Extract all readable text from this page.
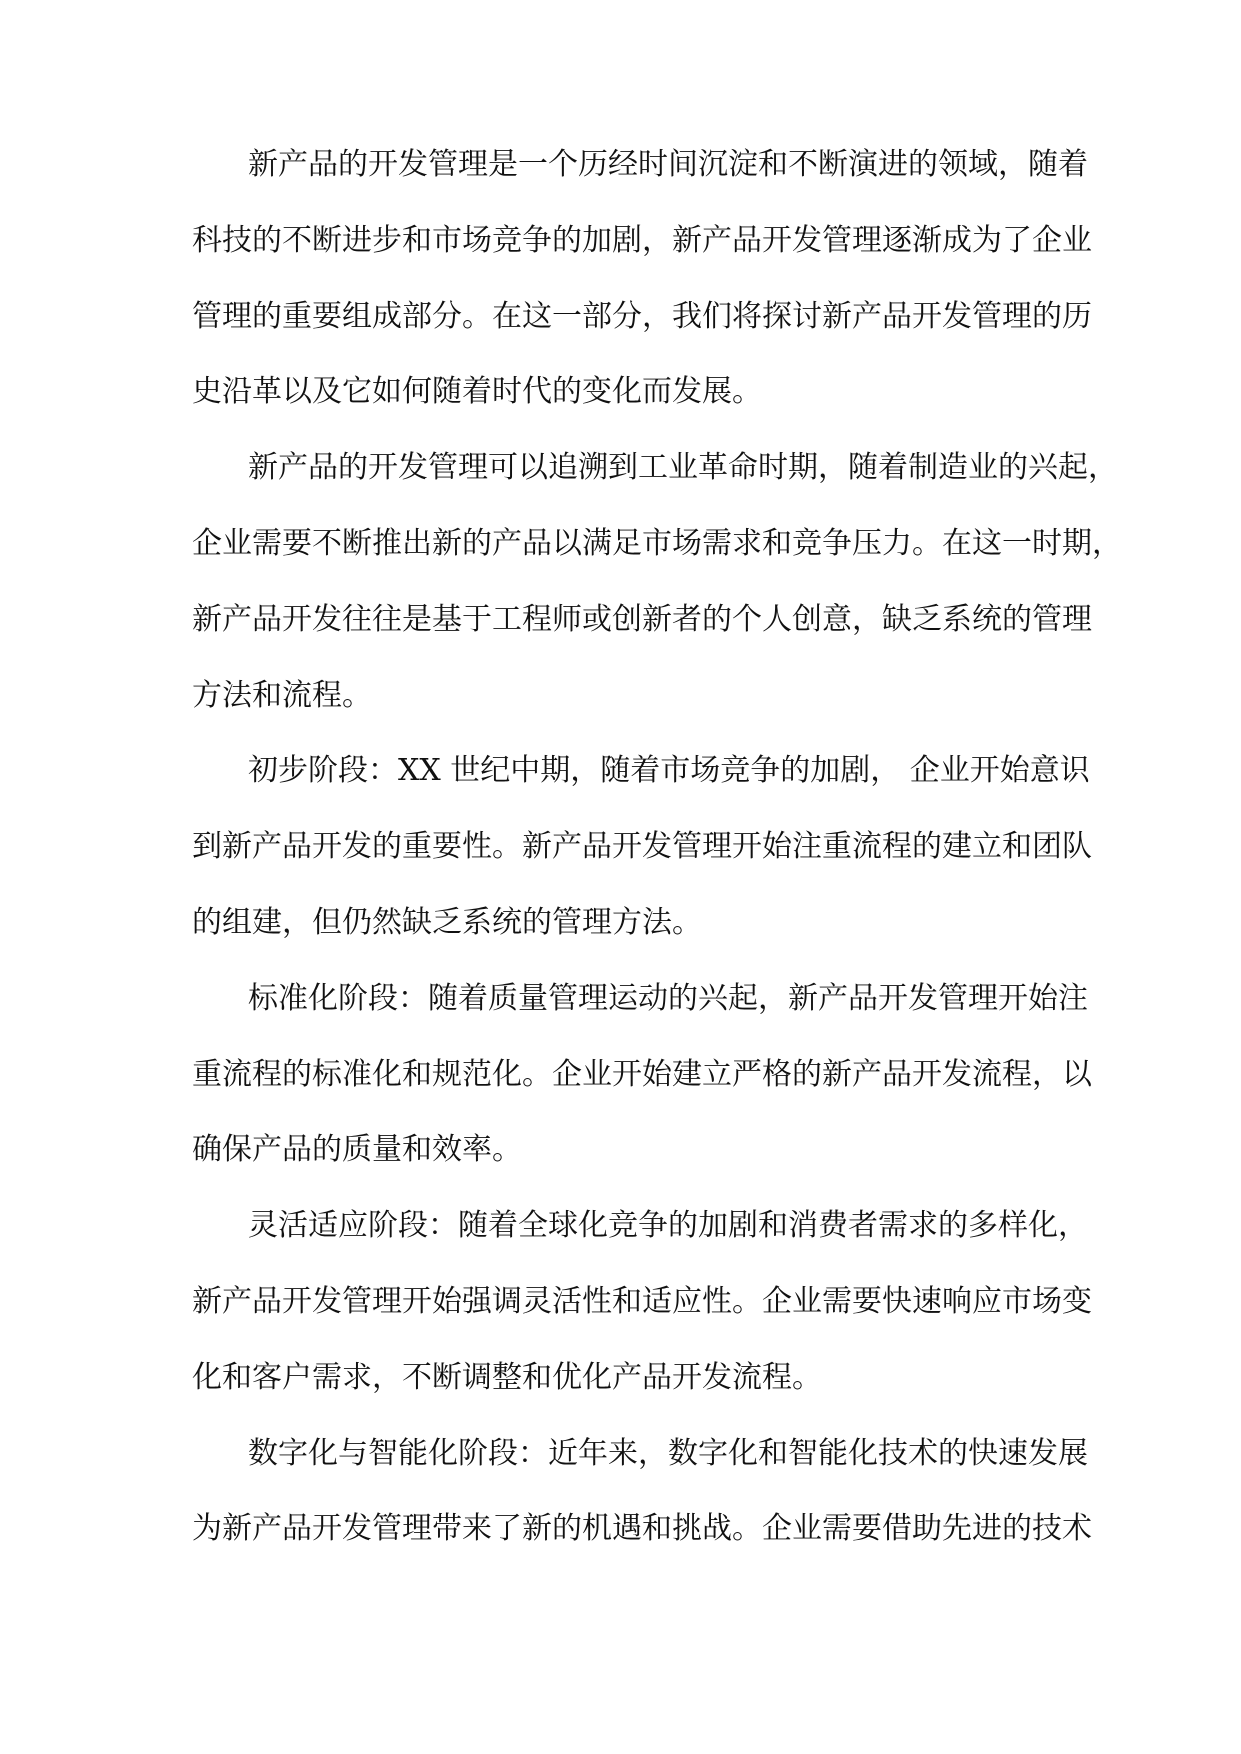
新产品的开发管理是一个历经时间沉淀和不断演进的领域，随着
科技的不断进步和市场竞争的加剧，新产品开发管理逐渐成为了企业
管理的重要组成部分。在这一部分，我们将探讨新产品开发管理的历
史沿革以及它如何随着时代的变化而发展。
新产品的开发管理可以追溯到工业革命时期，随着制造业的兴起，
企业需要不断推出新的产品以满足市场需求和竞争压力。在这一时期，
新产品开发往往是基于工程师或创新者的个人创意，缺乏系统的管理
方法和流程。
初步阶段：XX 世纪中期，随着市场竞争的加剧， 企业开始意识
到新产品开发的重要性。新产品开发管理开始注重流程的建立和团队
的组建，但仍然缺乏系统的管理方法。
标准化阶段：随着质量管理运动的兴起，新产品开发管理开始注
重流程的标准化和规范化。企业开始建立严格的新产品开发流程，以
确保产品的质量和效率。
灵活适应阶段：随着全球化竞争的加剧和消费者需求的多样化，
新产品开发管理开始强调灵活性和适应性。企业需要快速响应市场变
化和客户需求，不断调整和优化产品开发流程。
数字化与智能化阶段：近年来，数字化和智能化技术的快速发展
为新产品开发管理带来了新的机遇和挑战。企业需要借助先进的技术
